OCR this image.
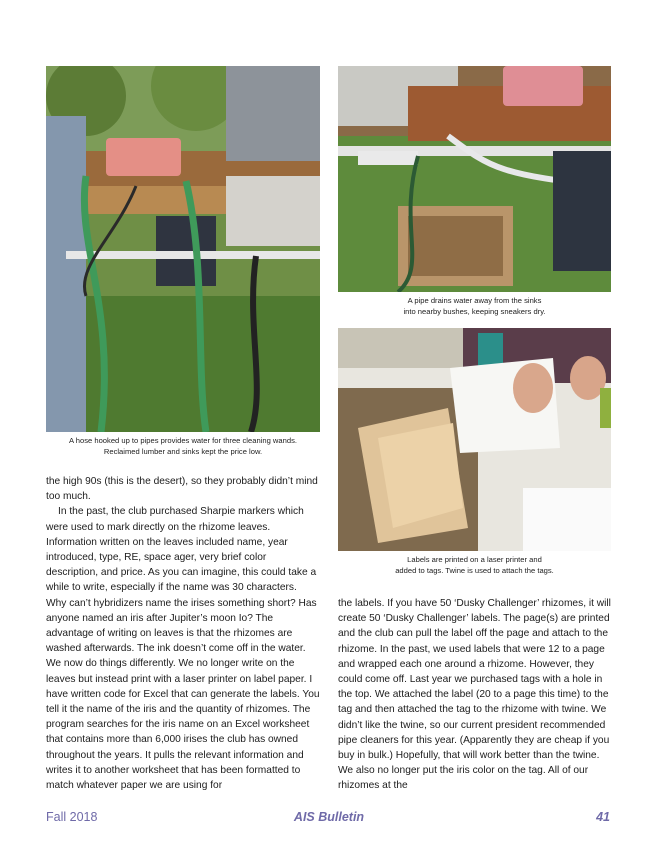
A hose hooked up to pipes provides water for three cleaning wands.
Reclaimed lumber and sinks kept the price low.
A pipe drains water away from the sinks
into nearby bushes, keeping sneakers dry.
Labels are printed on a laser printer and
added to tags. Twine is used to attach the tags.

the high 90s (this is the desert), so they probably didn’t mind too much.

In the past, the club purchased Sharpie markers which were used to mark directly on the rhizome leaves. Information written on the leaves included name, year introduced, type, RE, space ager, very brief color description, and price. As you can imagine, this could take a while to write, especially if the name was 30 characters. Why can’t hybridizers name the irises something short? Has anyone named an iris after Jupiter’s moon Io? The advantage of writing on leaves is that the rhizomes are washed afterwards. The ink doesn’t come off in the water. We now do things differently. We no longer write on the leaves but instead print with a laser printer on label paper. I have written code for Excel that can generate the labels. You tell it the name of the iris and the quantity of rhizomes. The program searches for the iris name on an Excel worksheet that contains more than 6,000 irises the club has owned throughout the years. It pulls the relevant information and writes it to another worksheet that has been formatted to match whatever paper we are using for

the labels. If you have 50 ‘Dusky Challenger’ rhizomes, it will create 50 ‘Dusky Challenger’ labels. The page(s) are printed and the club can pull the label off the page and attach to the rhizome. In the past, we used labels that were 12 to a page and wrapped each one around a rhizome. However, they could come off. Last year we purchased tags with a hole in the top. We attached the label (20 to a page this time) to the tag and then attached the tag to the rhizome with twine. We didn’t like the twine, so our current president recommended pipe cleaners for this year. (Apparently they are cheap if you buy in bulk.) Hopefully, that will work better than the twine. We also no longer put the iris color on the tag. All of our rhizomes at the

Fall 2018	AIS Bulletin	41
